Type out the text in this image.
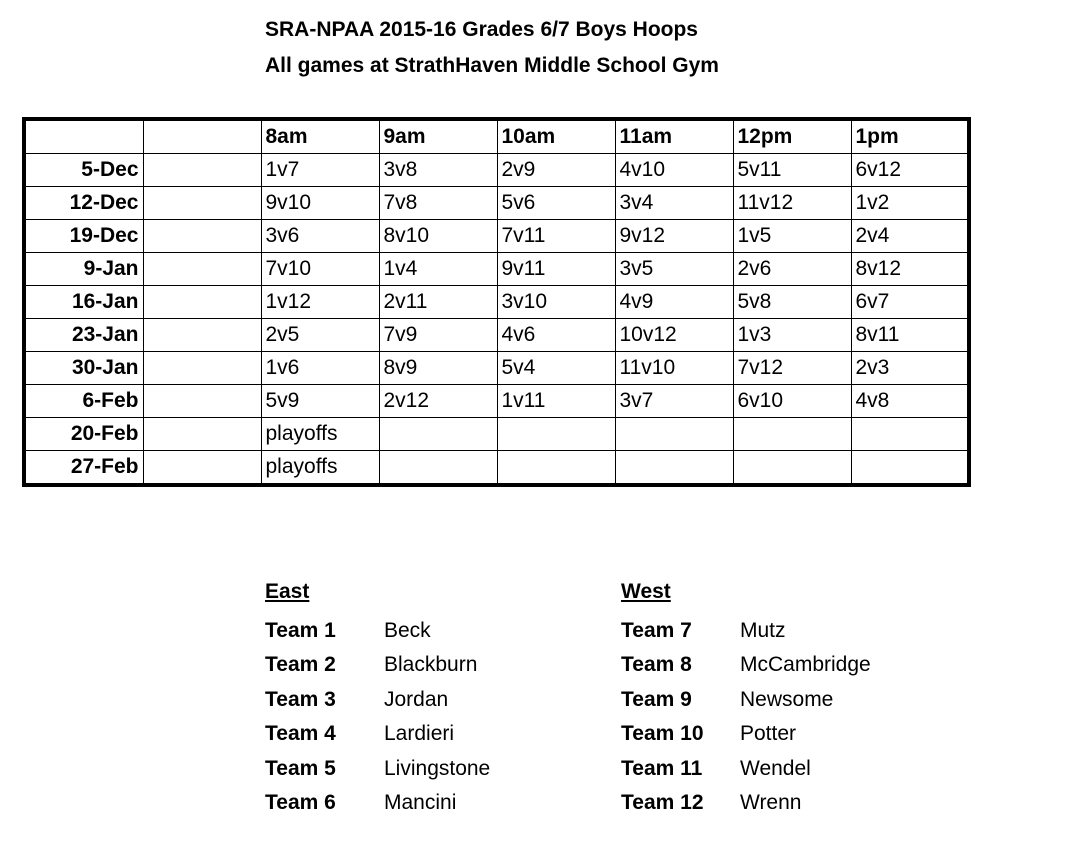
SRA-NPAA 2015-16 Grades 6/7 Boys Hoops
All games at StrathHaven Middle School Gym
		8am	9am	10am	11am	12pm	1pm
5-Dec		1v7	3v8	2v9	4v10	5v11	6v12
12-Dec		9v10	7v8	5v6	3v4	11v12	1v2
19-Dec		3v6	8v10	7v11	9v12	1v5	2v4
9-Jan		7v10	1v4	9v11	3v5	2v6	8v12
16-Jan		1v12	2v11	3v10	4v9	5v8	6v7
23-Jan		2v5	7v9	4v6	10v12	1v3	8v11
30-Jan		1v6	8v9	5v4	11v10	7v12	2v3
6-Feb		5v9	2v12	1v11	3v7	6v10	4v8
20-Feb		playoffs					
27-Feb		playoffs					
East
Team 1 Beck
Team 2 Blackburn
Team 3 Jordan
Team 4 Lardieri
Team 5 Livingstone
Team 6 Mancini
West
Team 7 Mutz
Team 8 McCambridge
Team 9 Newsome
Team 10 Potter
Team 11 Wendel
Team 12 Wrenn
